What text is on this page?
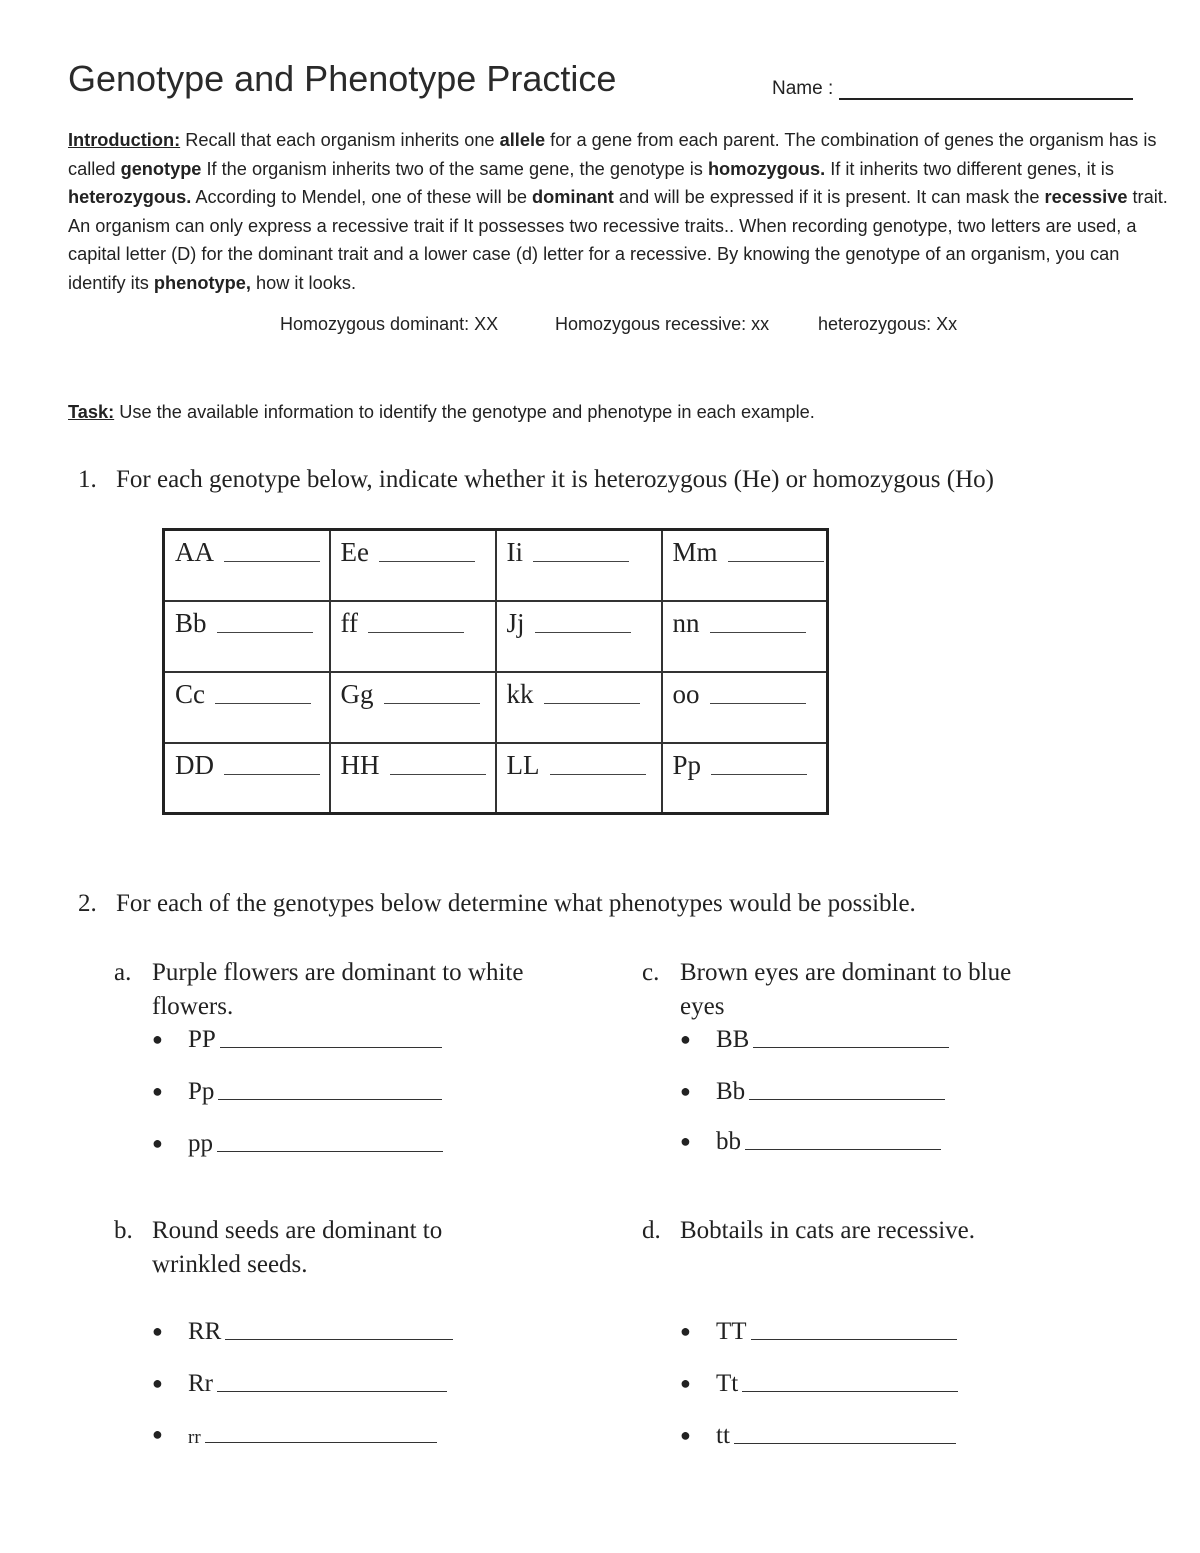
Genotype and Phenotype Practice	Name :
Introduction: Recall that each organism inherits one allele for a gene from each parent. The combination of genes the organism has is called genotype If the organism inherits two of the same gene, the genotype is homozygous. If it inherits two different genes, it is heterozygous. According to Mendel, one of these will be dominant and will be expressed if it is present. It can mask the recessive trait. An organism can only express a recessive trait if It possesses two recessive traits.. When recording genotype, two letters are used, a capital letter (D) for the dominant trait and a lower case (d) letter for a recessive. By knowing the genotype of an organism, you can identify its phenotype, how it looks.
Homozygous dominant: XX	Homozygous recessive: xx	heterozygous: Xx
Task: Use the available information to identify the genotype and phenotype in each example.
1. For each genotype below, indicate whether it is heterozygous (He) or homozygous (Ho)
AA	Ee	Ii	Mm

Bb	ff	Jj	nn

Cc	Gg	kk	oo

DD	HH	LL	Pp
2. For each of the genotypes below determine what phenotypes would be possible.
a. Purple flowers are dominant to white
flowers.
●	PP
●	Pp
●	pp
b. Round seeds are dominant to
wrinkled seeds.
●	RR
●	Rr
●	rr
c. Brown eyes are dominant to blue
eyes
●	BB
●	Bb
●	bb
d. Bobtails in cats are recessive.
●	TT
●	Tt
●	tt
